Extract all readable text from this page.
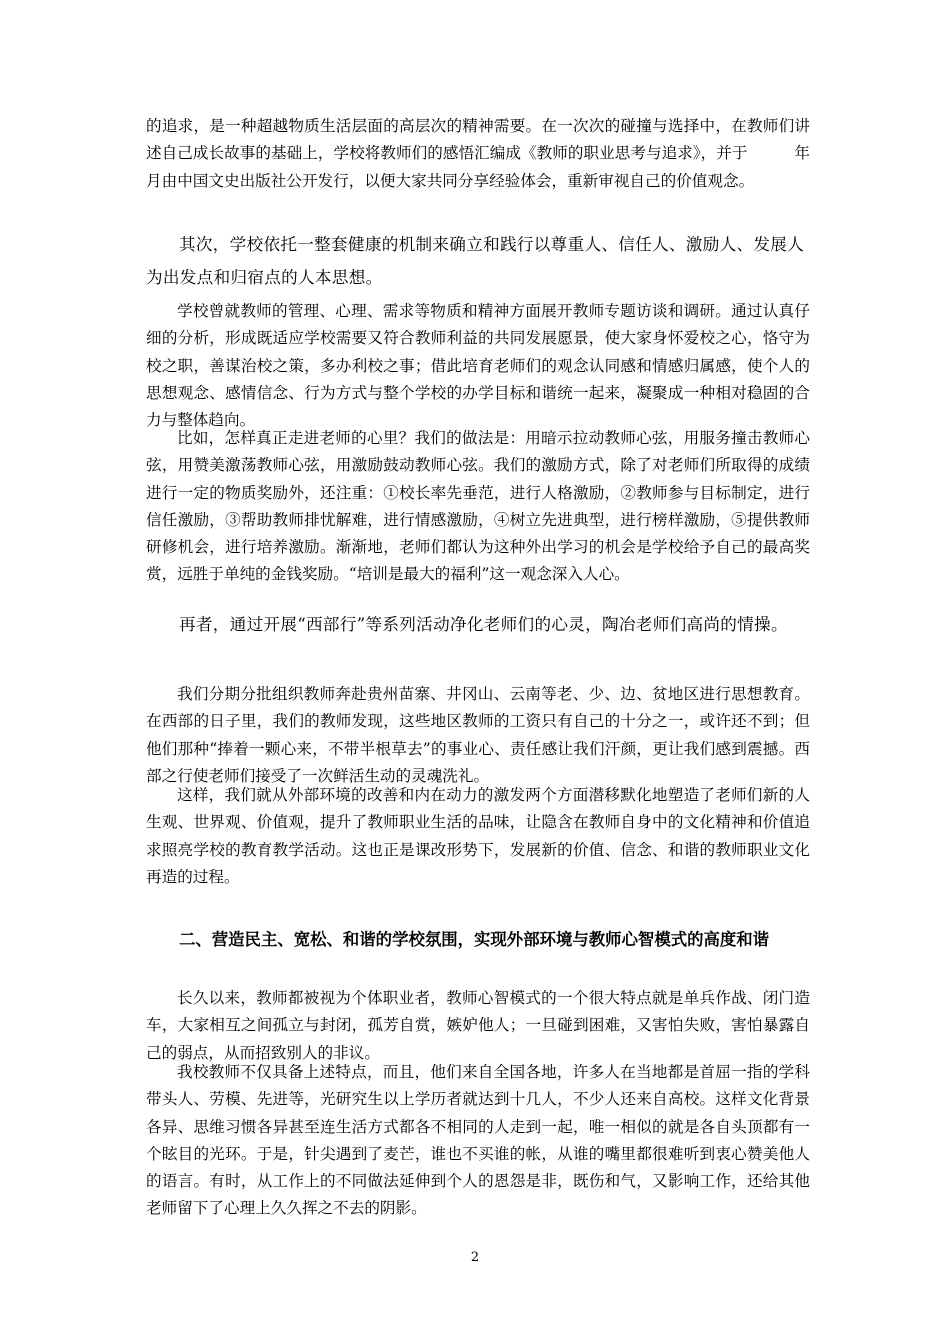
的追求，是一种超越物质生活层面的高层次的精神需要。在一次次的碰撞与选择中，在教师们讲述自己成长故事的基础上，学校将教师们的感悟汇编成《教师的职业思考与追求》，并于　　　年　　月由中国文史出版社公开发行，以便大家共同分享经验体会，重新审视自己的价值观念。

其次，学校依托一整套健康的机制来确立和践行以尊重人、信任人、激励人、发展人为出发点和归宿点的人本思想。

学校曾就教师的管理、心理、需求等物质和精神方面展开教师专题访谈和调研。通过认真仔细的分析，形成既适应学校需要又符合教师利益的共同发展愿景，使大家身怀爱校之心，恪守为校之职，善谋治校之策，多办利校之事；借此培育老师们的观念认同感和情感归属感，使个人的思想观念、感情信念、行为方式与整个学校的办学目标和谐统一起来，凝聚成一种相对稳固的合力与整体趋向。

比如，怎样真正走进老师的心里？我们的做法是：用暗示拉动教师心弦，用服务撞击教师心弦，用赞美激荡教师心弦，用激励鼓动教师心弦。我们的激励方式，除了对老师们所取得的成绩进行一定的物质奖励外，还注重：①校长率先垂范，进行人格激励，②教师参与目标制定，进行信任激励，③帮助教师排忧解难，进行情感激励，④树立先进典型，进行榜样激励，⑤提供教师研修机会，进行培养激励。渐渐地，老师们都认为这种外出学习的机会是学校给予自己的最高奖赏，远胜于单纯的金钱奖励。“培训是最大的福利”这一观念深入人心。

再者，通过开展“西部行”等系列活动净化老师们的心灵，陶冶老师们高尚的情操。

我们分期分批组织教师奔赴贵州苗寨、井冈山、云南等老、少、边、贫地区进行思想教育。在西部的日子里，我们的教师发现，这些地区教师的工资只有自己的十分之一，或许还不到；但他们那种“捧着一颗心来，不带半根草去”的事业心、责任感让我们汗颜，更让我们感到震撼。西部之行使老师们接受了一次鲜活生动的灵魂洗礼。

这样，我们就从外部环境的改善和内在动力的激发两个方面潜移默化地塑造了老师们新的人生观、世界观、价值观，提升了教师职业生活的品味，让隐含在教师自身中的文化精神和价值追求照亮学校的教育教学活动。这也正是课改形势下，发展新的价值、信念、和谐的教师职业文化再造的过程。

二、营造民主、宽松、和谐的学校氛围，实现外部环境与教师心智模式的高度和谐

长久以来，教师都被视为个体职业者，教师心智模式的一个很大特点就是单兵作战、闭门造车，大家相互之间孤立与封闭，孤芳自赏，嫉妒他人；一旦碰到困难，又害怕失败，害怕暴露自己的弱点，从而招致别人的非议。

我校教师不仅具备上述特点，而且，他们来自全国各地，许多人在当地都是首屈一指的学科带头人、劳模、先进等，光研究生以上学历者就达到十几人，不少人还来自高校。这样文化背景各异、思维习惯各异甚至连生活方式都各不相同的人走到一起，唯一相似的就是各自头顶都有一个眩目的光环。于是，针尖遇到了麦芒，谁也不买谁的帐，从谁的嘴里都很难听到衷心赞美他人的语言。有时，从工作上的不同做法延伸到个人的恩怨是非，既伤和气，又影响工作，还给其他老师留下了心理上久久挥之不去的阴影。

2
